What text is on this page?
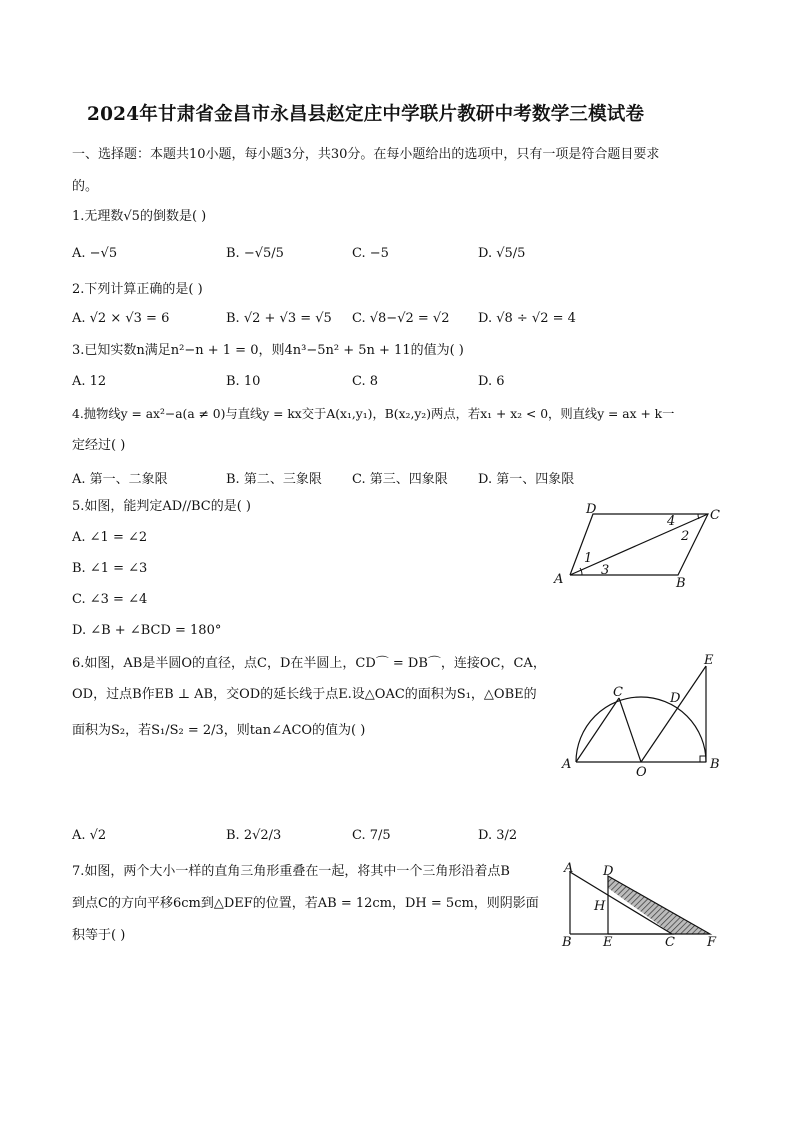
2024年甘肃省金昌市永昌县赵定庄中学联片教研中考数学三模试卷
一、选择题：本题共10小题，每小题3分，共30分。在每小题给出的选项中，只有一项是符合题目要求
的。
1.无理数√5的倒数是( )
A. −√5	B. −√5/5	C. −5	D. √5/5
2.下列计算正确的是( )
A. √2 × √3 = 6	B. √2 + √3 = √5 C. √8−√2 = √2 D. √8 ÷ √2 = 4
3.已知实数n满足n²−n + 1 = 0，则4n³−5n² + 5n + 11的值为( )
A. 12	B. 10	C. 8	D. 6
4.抛物线y = ax²−a(a ≠ 0)与直线y = kx交于A(x₁,y₁)，B(x₂,y₂)两点，若x₁ + x₂ < 0，则直线y = ax + k一
定经过( )
A. 第一、二象限	B. 第二、三象限 C. 第三、四象限 D. 第一、四象限
5.如图，能判定AD//BC的是( )
A. ∠1 = ∠2
B. ∠1 = ∠3
C. ∠3 = ∠4
D. ∠B + ∠BCD = 180°
D	C
A	B
1
2
3
4
6.如图，AB是半圆O的直径，点C，D在半圆上，CD⌒ = DB⌒，连接OC，CA，
OD，过点B作EB ⊥ AB，交OD的延长线于点E.设△OAC的面积为S₁，△OBE的
面积为S₂，若S₁/S₂ = 2/3，则tan∠ACO的值为( )
A. √2	B. 2√2/3	C. 7/5	D. 3/2
E
C	D
A
O
B
7.如图，两个大小一样的直角三角形重叠在一起，将其中一个三角形沿着点B
到点C的方向平移6cm到△DEF的位置，若AB = 12cm，DH = 5cm，则阴影面
积等于( )
A D
H
B E	C F
